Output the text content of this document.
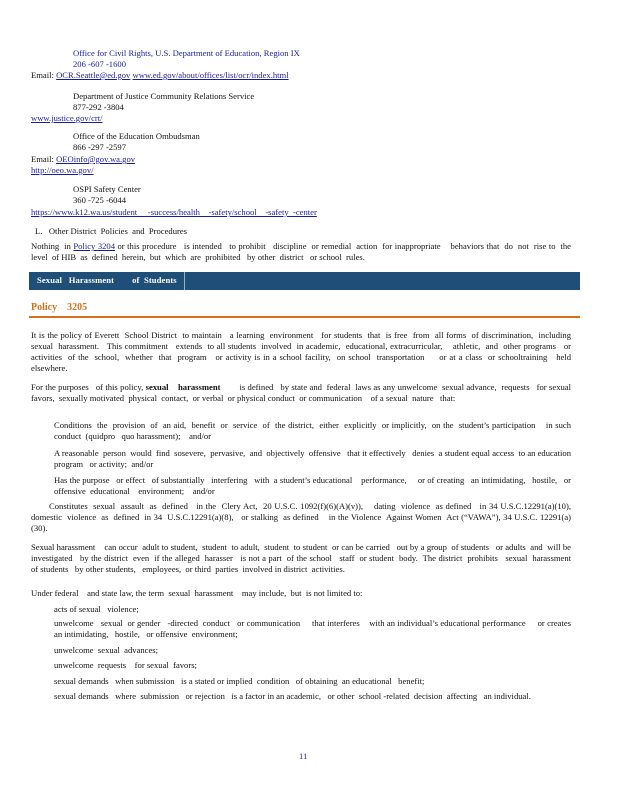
Office for Civil Rights, U.S. Department of Education, Region IX
206 -607 -1600
Email: OCR.Seattle@ed.gov www.ed.gov/about/offices/list/ocr/index.html
Department of Justice Community Relations Service
877-292 -3804
www.justice.gov/crt/
Office of the Education Ombudsman
866 -297 -2597
Email: OEOinfo@gov.wa.gov
http://oeo.wa.gov/
OSPI Safety Center
360 -725 -6044
https://www.k12.wa.us/student     -success/health    -safety/school    -safety  -center
L.   Other District  Policies  and  Procedures
Nothing  in Policy 3204 or this procedure   is intended   to prohibit   discipline  or remedial  action  for inappropriate    behaviors that  do  not  rise to  the  level  of HIB  as  defined  herein,  but  which  are  prohibited   by other  district   or school  rules.
Sexual   Harassment        of  Students
Policy    3205
It is the policy of Everett  School District  to maintain   a learning  environment   for students  that  is free  from  all forms  of discrimination,  including  sexual  harassment.   This commitment   extends  to all students  involved  in academic,  educational, extracurricular,    athletic,  and  other programs   or activities  of the  school,  whether  that  program   or activity is in a school facility,  on school  transportation     or at a class  or schooltraining   held  elsewhere.
For the purposes   of this policy, sexual    harassment        is defined   by state and  federal  laws as any unwelcome  sexual advance,  requests   for sexual  favors,  sexually motivated  physical  contact,  or verbal  or physical conduct  or communication    of a sexual  nature   that:
Conditions  the  provision  of  an aid,  benefit  or  service  of  the district,  either  explicitly  or implicitly,  on the  student’s participation    in such conduct  (quidpro   quo harassment);    and/or
A reasonable  person  would  find  sosevere,  pervasive,  and  objectively  offensive   that it effectively   denies  a student equal access  to an education    program   or activity;  and/or
Has the purpose   or effect   of substantially   interfering   with  a student’s educational    performance,     or of creating   an intimidating,   hostile,   or offensive  educational    environment;    and/or
Constitutes  sexual  assault  as  defined   in the  Clery Act,  20 U.S.C. 1092(f)(6)(A)(v)),    dating  violence  as defined   in 34 U.S.C.12291(a)(10),   domestic  violence  as  defined  in 34  U.S.C.12291(a)(8),   or stalking  as defined    in the Violence  Against Women  Act (“VAWA”), 34 U.S.C. 12291(a)(30).
Sexual harassment    can occur  adult to student,  student  to adult,  student  to student  or can be carried   out by a group  of students   or adults  and  will be investigated   by the district  even  if the alleged  harasser   is not a part  of the school   staff  or student  body.  The district  prohibits   sexual  harassment    of students   by other students,   employees,  or third  parties  involved in district  activities.
Under federal    and state law, the term  sexual  harassment    may include,  but  is not limited to:
acts of sexual   violence;
unwelcome   sexual  or gender   -directed  conduct   or communication     that interferes    with an individual’s educational performance     or creates   an intimidating,   hostile,   or offensive  environment;
unwelcome  sexual  advances;
unwelcome  requests    for sexual  favors;
sexual demands   when submission   is a stated or implied  condition   of obtaining  an educational   benefit;
sexual demands   where  submission   or rejection   is a factor in an academic,   or other  school -related  decision  affecting   an individual.
11
